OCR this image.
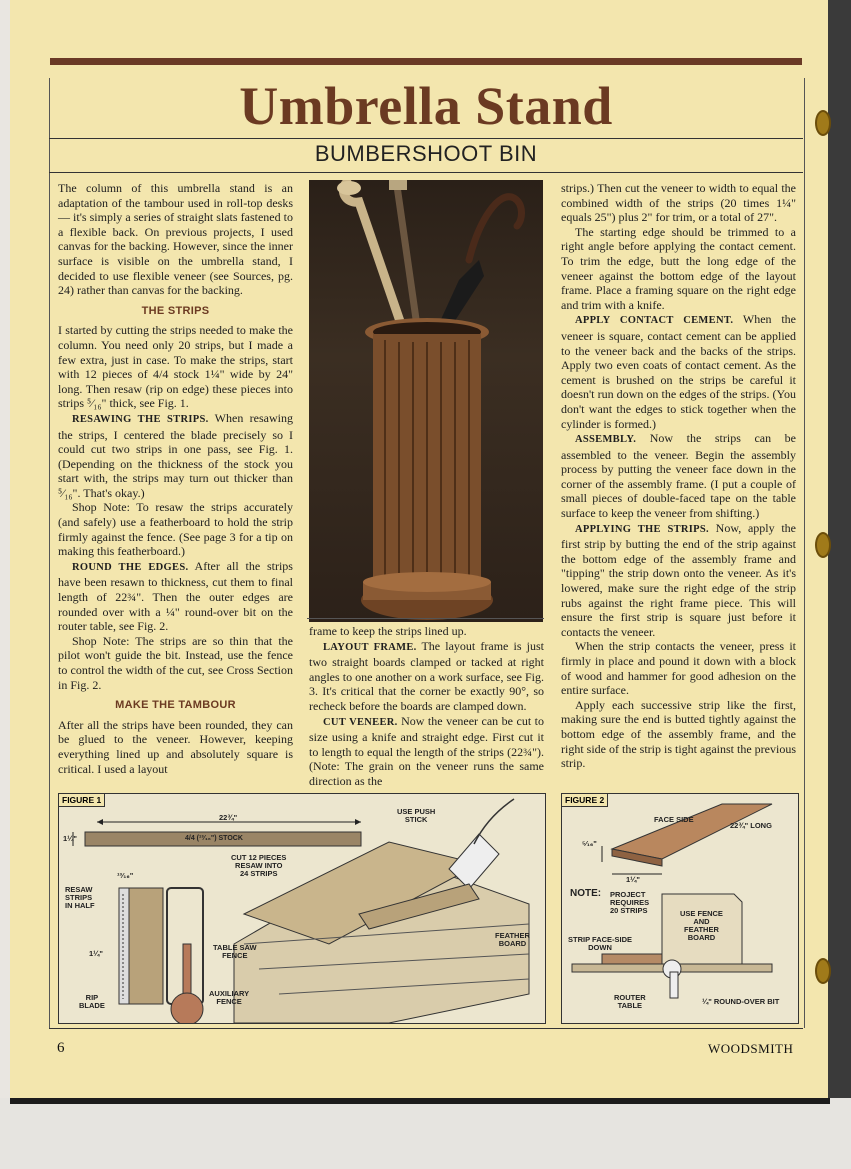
Umbrella Stand
BUMBERSHOOT BIN

The column of this umbrella stand is an adaptation of the tambour used in roll-top desks — it's simply a series of straight slats fastened to a flexible back. On previous projects, I used canvas for the backing. However, since the inner surface is visible on the umbrella stand, I decided to use flexible veneer (see Sources, pg. 24) rather than canvas for the backing.

THE STRIPS

I started by cutting the strips needed to make the column. You need only 20 strips, but I made a few extra, just in case. To make the strips, start with 12 pieces of 4/4 stock 1¼" wide by 24" long. Then resaw (rip on edge) these pieces into strips ⁵⁄₁₆" thick, see Fig. 1.

RESAWING THE STRIPS. When resawing the strips, I centered the blade precisely so I could cut two strips in one pass, see Fig. 1. (Depending on the thickness of the stock you start with, the strips may turn out thicker than ⁵⁄₁₆". That's okay.)

Shop Note: To resaw the strips accurately (and safely) use a featherboard to hold the strip firmly against the fence. (See page 3 for a tip on making this featherboard.)

ROUND THE EDGES. After all the strips have been resawn to thickness, cut them to final length of 22¾". Then the outer edges are rounded over with a ¼" round-over bit on the router table, see Fig. 2.

Shop Note: The strips are so thin that the pilot won't guide the bit. Instead, use the fence to control the width of the cut, see Cross Section in Fig. 2.

MAKE THE TAMBOUR

After all the strips have been rounded, they can be glued to the veneer. However, keeping everything lined up and absolutely square is critical. I used a layout

frame to keep the strips lined up.

LAYOUT FRAME. The layout frame is just two straight boards clamped or tacked at right angles to one another on a work surface, see Fig. 3. It's critical that the corner be exactly 90°, so recheck before the boards are clamped down.

CUT VENEER. Now the veneer can be cut to size using a knife and straight edge. First cut it to length to equal the length of the strips (22¾"). (Note: The grain on the veneer runs the same direction as the

strips.) Then cut the veneer to width to equal the combined width of the strips (20 times 1¼" equals 25") plus 2" for trim, or a total of 27".

The starting edge should be trimmed to a right angle before applying the contact cement. To trim the edge, butt the long edge of the veneer against the bottom edge of the layout frame. Place a framing square on the right edge and trim with a knife.

APPLY CONTACT CEMENT. When the veneer is square, contact cement can be applied to the veneer back and the backs of the strips. Apply two even coats of contact cement. As the cement is brushed on the strips be careful it doesn't run down on the edges of the strips. (You don't want the edges to stick together when the cylinder is formed.)

ASSEMBLY. Now the strips can be assembled to the veneer. Begin the assembly process by putting the veneer face down in the corner of the assembly frame. (I put a couple of small pieces of double-faced tape on the table surface to keep the veneer from shifting.)

APPLYING THE STRIPS. Now, apply the first strip by butting the end of the strip against the bottom edge of the assembly frame and "tipping" the strip down onto the veneer. As it's lowered, make sure the right edge of the strip rubs against the right frame piece. This will ensure the first strip is square just before it contacts the veneer.

When the strip contacts the veneer, press it firmly in place and pound it down with a block of wood and hammer for good adhesion on the entire surface.

Apply each successive strip like the first, making sure the end is butted tightly against the bottom edge of the assembly frame, and the right side of the strip is tight against the previous strip.

FIGURE 1
22¾"
1¼"	4/4 (¹³⁄₁₆") STOCK
CUT 12 PIECES
RESAW INTO
24 STRIPS
¹³⁄₁₆"
RESAW
STRIPS
IN HALF
1¼"
RIP
BLADE
TABLE SAW
FENCE
AUXILIARY
FENCE
USE PUSH
STICK
FEATHER
BOARD
FIGURE 2
FACE SIDE
22¾" LONG
⁵⁄₁₆"
1¼"
NOTE: PROJECT
REQUIRES
20 STRIPS	USE FENCE
AND
FEATHER
BOARD
STRIP FACE-SIDE
DOWN
ROUTER
TABLE	¼" ROUND-OVER BIT
6	WOODSMITH
